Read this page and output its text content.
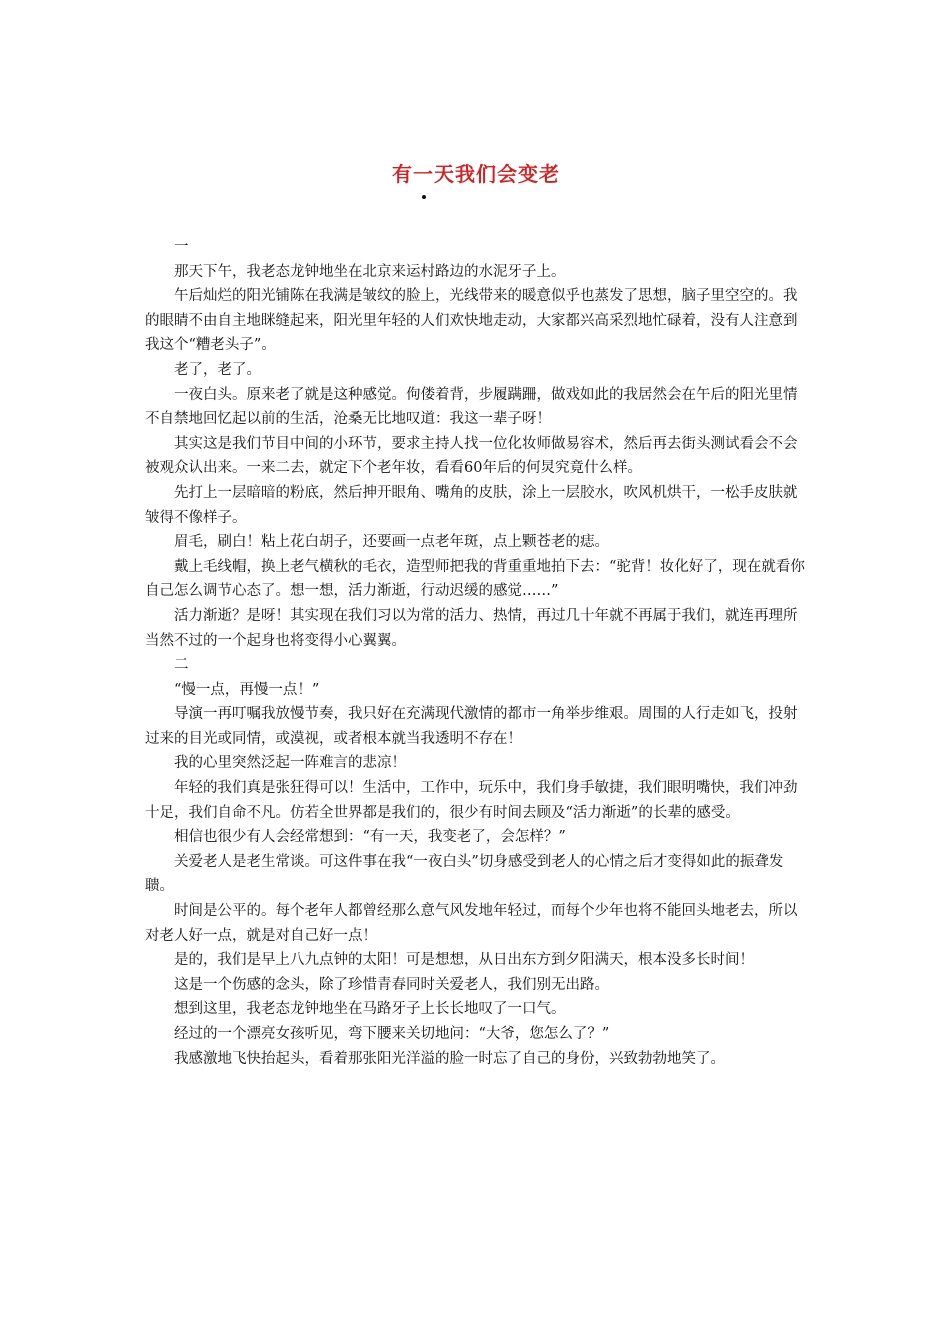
有一天我们会变老

一

那天下午，我老态龙钟地坐在北京来运村路边的水泥牙子上。

午后灿烂的阳光铺陈在我满是皱纹的脸上，光线带来的暖意似乎也蒸发了思想，脑子里空空的。我的眼睛不由自主地眯缝起来，阳光里年轻的人们欢快地走动，大家都兴高采烈地忙碌着，没有人注意到我这个“糟老头子”。

老了，老了。

一夜白头。原来老了就是这种感觉。佝偻着背，步履蹒跚，做戏如此的我居然会在午后的阳光里情不自禁地回忆起以前的生活，沧桑无比地叹道：我这一辈子呀！

其实这是我们节目中间的小环节，要求主持人找一位化妆师做易容术，然后再去街头测试看会不会被观众认出来。一来二去，就定下个老年妆，看看60年后的何炅究竟什么样。

先打上一层暗暗的粉底，然后抻开眼角、嘴角的皮肤，涂上一层胶水，吹风机烘干，一松手皮肤就皱得不像样子。

眉毛，刷白！粘上花白胡子，还要画一点老年斑，点上颗苍老的痣。

戴上毛线帽，换上老气横秋的毛衣，造型师把我的背重重地拍下去：“驼背！妆化好了，现在就看你自己怎么调节心态了。想一想，活力渐逝，行动迟缓的感觉……”

活力渐逝？是呀！其实现在我们习以为常的活力、热情，再过几十年就不再属于我们，就连再理所当然不过的一个起身也将变得小心翼翼。

二

“慢一点，再慢一点！”

导演一再叮嘱我放慢节奏，我只好在充满现代激情的都市一角举步维艰。周围的人行走如飞，投射过来的目光或同情，或漠视，或者根本就当我透明不存在！

我的心里突然泛起一阵难言的悲凉！

年轻的我们真是张狂得可以！生活中，工作中，玩乐中，我们身手敏捷，我们眼明嘴快，我们冲劲十足，我们自命不凡。仿若全世界都是我们的，很少有时间去顾及“活力渐逝”的长辈的感受。

相信也很少有人会经常想到：“有一天，我变老了，会怎样？”

关爱老人是老生常谈。可这件事在我“一夜白头”切身感受到老人的心情之后才变得如此的振聋发聩。

时间是公平的。每个老年人都曾经那么意气风发地年轻过，而每个少年也将不能回头地老去，所以对老人好一点，就是对自己好一点！

是的，我们是早上八九点钟的太阳！可是想想，从日出东方到夕阳满天，根本没多长时间！

这是一个伤感的念头，除了珍惜青春同时关爱老人，我们别无出路。

想到这里，我老态龙钟地坐在马路牙子上长长地叹了一口气。

经过的一个漂亮女孩听见，弯下腰来关切地问：“大爷，您怎么了？”

我感激地飞快抬起头，看着那张阳光洋溢的脸一时忘了自己的身份，兴致勃勃地笑了。
